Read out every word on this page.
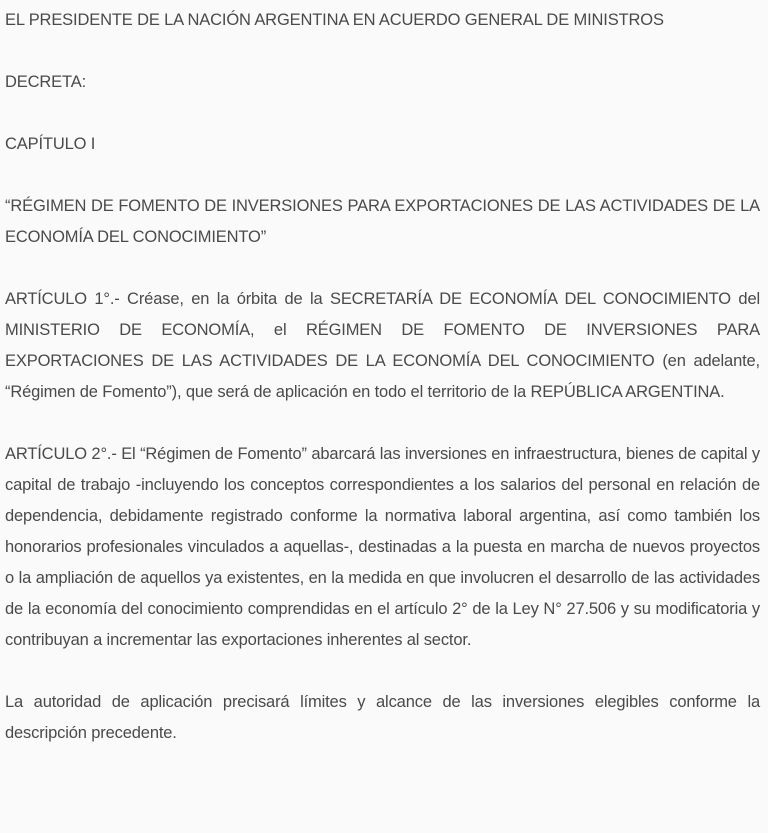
EL PRESIDENTE DE LA NACIÓN ARGENTINA EN ACUERDO GENERAL DE MINISTROS

DECRETA:

CAPÍTULO I

“RÉGIMEN DE FOMENTO DE INVERSIONES PARA EXPORTACIONES DE LAS ACTIVIDADES DE LA ECONOMÍA DEL CONOCIMIENTO”

ARTÍCULO 1°.- Créase, en la órbita de la SECRETARÍA DE ECONOMÍA DEL CONOCIMIENTO del MINISTERIO DE ECONOMÍA, el RÉGIMEN DE FOMENTO DE INVERSIONES PARA EXPORTACIONES DE LAS ACTIVIDADES DE LA ECONOMÍA DEL CONOCIMIENTO (en adelante, “Régimen de Fomento”), que será de aplicación en todo el territorio de la REPÚBLICA ARGENTINA.

ARTÍCULO 2°.- El “Régimen de Fomento” abarcará las inversiones en infraestructura, bienes de capital y capital de trabajo -incluyendo los conceptos correspondientes a los salarios del personal en relación de dependencia, debidamente registrado conforme la normativa laboral argentina, así como también los honorarios profesionales vinculados a aquellas-, destinadas a la puesta en marcha de nuevos proyectos o la ampliación de aquellos ya existentes, en la medida en que involucren el desarrollo de las actividades de la economía del conocimiento comprendidas en el artículo 2° de la Ley N° 27.506 y su modificatoria y contribuyan a incrementar las exportaciones inherentes al sector.

La autoridad de aplicación precisará límites y alcance de las inversiones elegibles conforme la descripción precedente.
